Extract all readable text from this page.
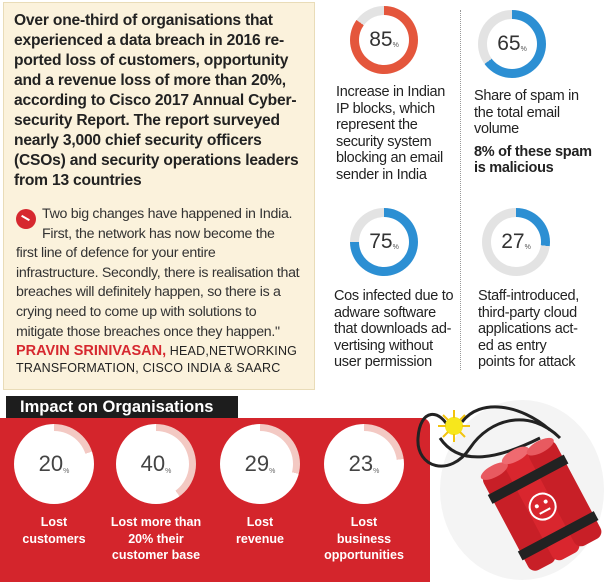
Over one-third of organisations that
experienced a data breach in 2016 re-
ported loss of customers, opportunity
and a revenue loss of more than 20%,
according to Cisco 2017 Annual Cyber-
security Report. The report surveyed
nearly 3,000 chief security officers
(CSOs) and security operations leaders
from 13 countries
Two big changes have happened in India.
First, the network has now become the
first line of defence for your entire
infrastructure. Secondly, there is realisation that
breaches will definitely happen, so there is a
crying need to come up with solutions to
mitigate those breaches once they happen."
PRAVIN SRINIVASAN, HEAD,NETWORKING
TRANSFORMATION, CISCO INDIA & SAARC
85 %
Increase in Indian
IP blocks, which
represent the
security system
blocking an email
sender in India
65 %
Share of spam in
the total email
volume
8% of these spam
is malicious
75 %
Cos infected due to
adware software
that downloads ad-
vertising without
user permission
27 %
Staff-introduced,
third-party cloud
applications act-
ed as entry
points for attack
Impact on Organisations
20 %
Lost
customers
40 %
Lost more than
20% their
customer base
29 %
Lost
revenue
23 %
Lost
business
opportunities
